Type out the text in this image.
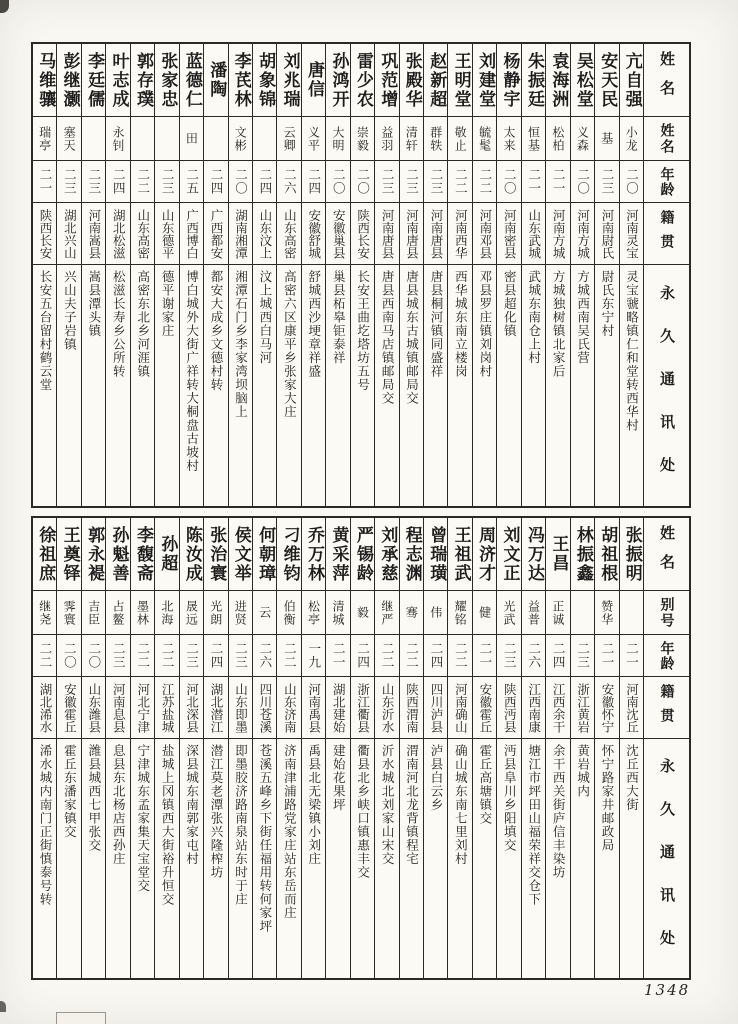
马维骧
瑞亭
二一
陕西长安
长安五台留村鹤云堂
彭继灏
塞天
二三
湖北兴山
兴山夫子岩镇
李廷儒
二三
河南嵩县
嵩县潭头镇
叶志成
永钊
二四
湖北松滋
松滋长寿乡公所转
郭存璞
二二
山东高密
高密东北乡河涯镇
张家忠
二三
山东德平
德平谢家庄
蓝德仁
田
二五
广西博白
博白城外大街广祥转大桐盘古坡村
潘陶
二四
广西都安
都安大成乡文德村转
李芪林
文彬
二〇
湖南湘潭
湘潭石门乡李家湾坝脑上
胡象锦
二四
山东汶上
汶上城西白马河
刘兆瑞
云卿
二六
山东高密
高密六区康平乡张家大庄
唐信
义平
二四
安徽舒城
舒城西沙埂章祥盛
孙鸿开
大明
二〇
安徽巢县
巢县柘皋钜泰祥
雷少农
崇毅
二〇
陕西长安
长安王曲圪塔坊五号
巩范增
益羽
二三
河南唐县
唐县西南马店镇邮局交
张殿华
清轩
二三
河南唐县
唐县城东古城镇邮局交
赵新超
群轶
二三
河南唐县
唐县桐河镇同盛祥
王明堂
敬止
二二
河南西华
西华城东南立楼岗
刘建堂
毓髦
二二
河南邓县
邓县罗庄镇刘岗村
杨静宇
太来
二〇
河南密县
密县超化镇
朱振廷
恒基
二一
山东武城
武城东南仓上村
袁海洲
松柏
二一
河南方城
方城独树镇北家后
吴松堂
义森
二〇
河南方城
方城西南吴氏营
安天民
基
二三
河南尉氏
尉氏东宁村
亢自强
小龙
二〇
河南灵宝
灵宝虢略镇仁和堂转西华村
姓名
姓名
年龄
籍贯
永久通讯处
徐祖庶
继尧
二二
湖北浠水
浠水城内南门正街慎泰号转
王奠铎
霁寰
二〇
安徽霍丘
霍丘东潘家镇交
郭永褆
吉臣
二〇
山东潍县
潍县城西七甲张交
孙魁善
占鳌
二三
河南息县
息县东北杨店西孙庄
李馥斋
墨林
二二
河北宁津
宁津城东孟家集天宝堂交
孙超
北海
二二
江苏盐城
盐城上冈镇西大街裕升恒交
陈汝成
晟远
二三
河北深县
深县城东南郭家屯村
张治寰
光朗
二四
湖北潜江
潜江莫老潭张兴隆榨坊
侯文举
进贤
二三
山东即墨
即墨胶济路南泉站东时于庄
何朝璋
云
二六
四川苍溪
苍溪五峰乡下街任福用转何家坪
刁维钧
伯衡
二二
山东济南
济南津浦路党家庄站东岳而庄
乔万林
松亭
一九
河南禹县
禹县北无梁镇小刘庄
黄采萍
清城
二一
湖北建始
建始花果坪
严锡龄
毅
二四
浙江衢县
衢县北乡峡口镇惠丰交
刘承慈
继严
二二
山东沂水
沂水城北刘家山宋交
程志渊
骞
二二
陕西渭南
渭南河北龙背镇程宅
曾瑞璜
伟
二四
四川泸县
泸县白云乡
王祖武
耀铭
二二
河南确山
确山城东南七里刘村
周济才
健
二一
安徽霍丘
霍丘高塘镇交
刘文正
光武
二三
陕西沔县
沔县阜川乡阳填交
冯万达
益普
二六
江西南康
塘江市坪田山福荣祥交仓下
王昌
正诚
二四
江西余干
余干西关街庐信丰染坊
林振鑫
二三
浙江黄岩
黄岩城内
胡祖根
赞华
二一
安徽怀宁
怀宁路家井邮政局
张振明
二一
河南沈丘
沈丘西大街
姓名
别号
年龄
籍贯
永久通讯处
1348
